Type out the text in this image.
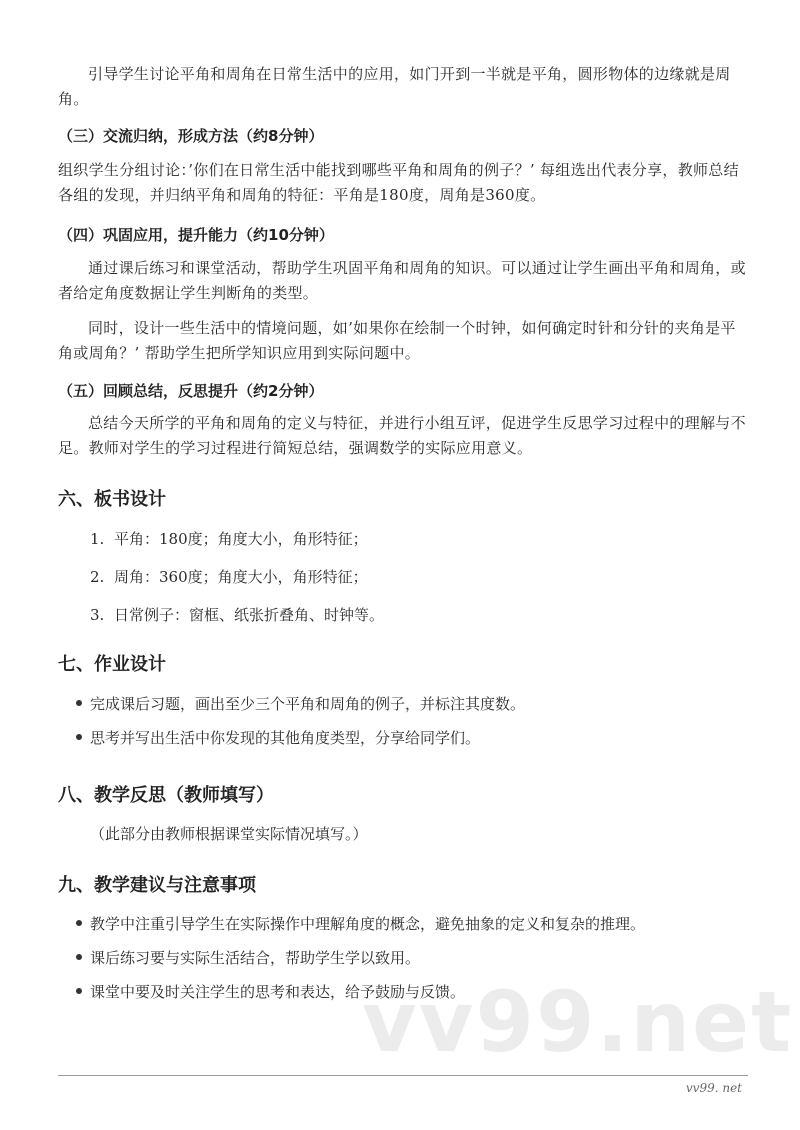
引导学生讨论平角和周角在日常生活中的应用，如门开到一半就是平角，圆形物体的边缘就是周角。

（三）交流归纳，形成方法（约8分钟）

组织学生分组讨论：’你们在日常生活中能找到哪些平角和周角的例子？’ 每组选出代表分享，教师总结各组的发现，并归纳平角和周角的特征：平角是180度，周角是360度。

（四）巩固应用，提升能力（约10分钟）

通过课后练习和课堂活动，帮助学生巩固平角和周角的知识。可以通过让学生画出平角和周角，或者给定角度数据让学生判断角的类型。

同时，设计一些生活中的情境问题，如’如果你在绘制一个时钟，如何确定时针和分针的夹角是平角或周角？’ 帮助学生把所学知识应用到实际问题中。

（五）回顾总结，反思提升（约2分钟）

总结今天所学的平角和周角的定义与特征，并进行小组互评，促进学生反思学习过程中的理解与不足。教师对学生的学习过程进行简短总结，强调数学的实际应用意义。

六、板书设计

1. 平角：180度；角度大小，角形特征；

2. 周角：360度；角度大小，角形特征；

3. 日常例子：窗框、纸张折叠角、时钟等。

七、作业设计

完成课后习题，画出至少三个平角和周角的例子，并标注其度数。

思考并写出生活中你发现的其他角度类型，分享给同学们。

八、教学反思（教师填写）

（此部分由教师根据课堂实际情况填写。）

九、教学建议与注意事项

教学中注重引导学生在实际操作中理解角度的概念，避免抽象的定义和复杂的推理。

课后练习要与实际生活结合，帮助学生学以致用。

课堂中要及时关注学生的思考和表达，给予鼓励与反馈。

vv99.net
vv99. net
